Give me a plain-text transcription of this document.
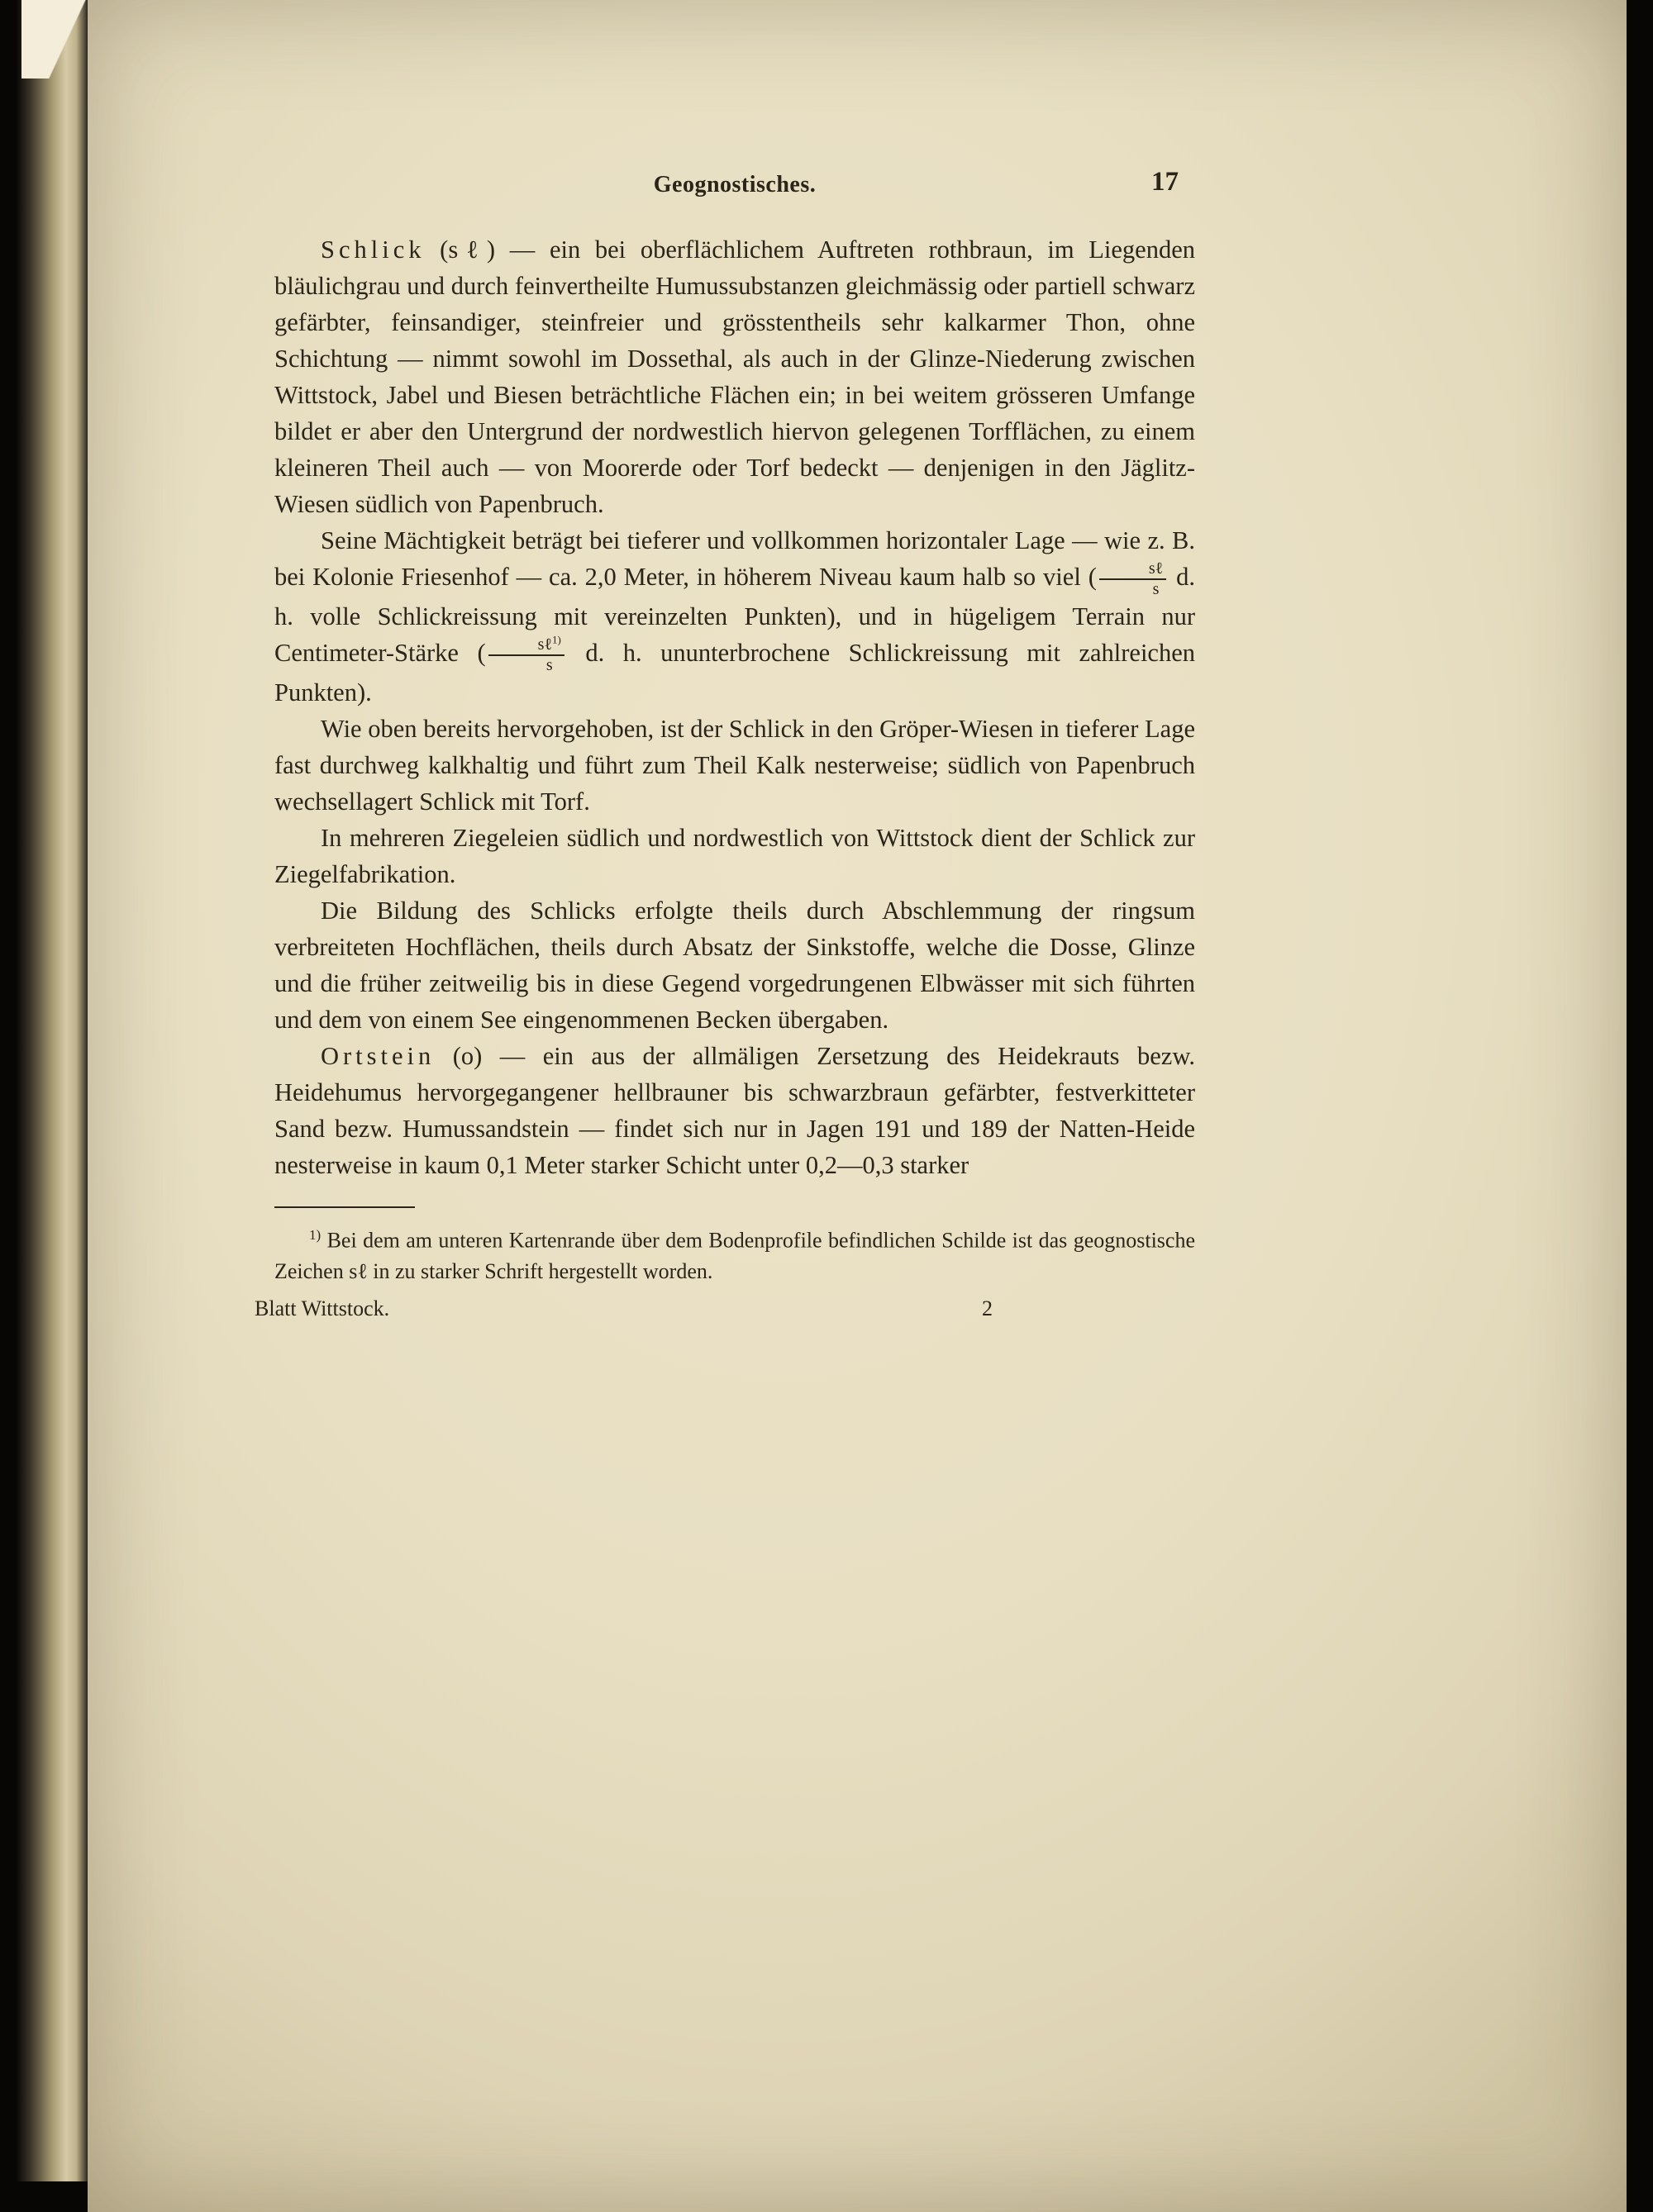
Geognostisches.	17

Schlick (sℓ) — ein bei oberflächlichem Auftreten rothbraun, im Liegenden bläulichgrau und durch feinvertheilte Humussubstanzen gleichmässig oder partiell schwarz gefärbter, feinsandiger, steinfreier und grösstentheils sehr kalkarmer Thon, ohne Schichtung — nimmt sowohl im Dossethal, als auch in der Glinze-Niederung zwischen Wittstock, Jabel und Biesen beträchtliche Flächen ein; in bei weitem grösseren Umfange bildet er aber den Untergrund der nordwestlich hiervon gelegenen Torfflächen, zu einem kleineren Theil auch — von Moorerde oder Torf bedeckt — denjenigen in den Jäglitz-Wiesen südlich von Papenbruch.

Seine Mächtigkeit beträgt bei tieferer und vollkommen horizontaler Lage — wie z. B. bei Kolonie Friesenhof — ca. 2,0 Meter, in höherem Niveau kaum halb so viel ( $\frac{\text{sℓ}}{s} d$. h. volle Schlickreissung mit vereinzelten Punkten), und in hügeligem Terrain nur Centimeter-Stärke ( $\frac{s\ell^{1)}}{s} d$. h. ununterbrochene Schlickreissung mit zahlreichen Punkten).

Wie oben bereits hervorgehoben, ist der Schlick in den Gröper-Wiesen in tieferer Lage fast durchweg kalkhaltig und führt zum Theil Kalk nesterweise; südlich von Papenbruch wechsellagert Schlick mit Torf.

In mehreren Ziegeleien südlich und nordwestlich von Wittstock dient der Schlick zur Ziegelfabrikation.

Die Bildung des Schlicks erfolgte theils durch Abschlemmung der ringsum verbreiteten Hochflächen, theils durch Absatz der Sinkstoffe, welche die Dosse, Glinze und die früher zeitweilig bis in diese Gegend vorgedrungenen Elbwässer mit sich führten und dem von einem See eingenommenen Becken übergaben.

Ortstein (o) — ein aus der allmäligen Zersetzung des Heidekrauts bezw. Heidehumus hervorgegangener hellbrauner bis schwarzbraun gefärbter, festverkitteter Sand bezw. Humussandstein — findet sich nur in Jagen 191 und 189 der Natten-Heide nesterweise in kaum 0,1 Meter starker Schicht unter 0,2—0,3 starker

$^{1)}$ Bei dem am unteren Kartenrande über dem Bodenprofile befindlichen Schilde ist das geognostische Zeichen sℓ in zu starker Schrift hergestellt worden.

Blatt Wittstock.	2
